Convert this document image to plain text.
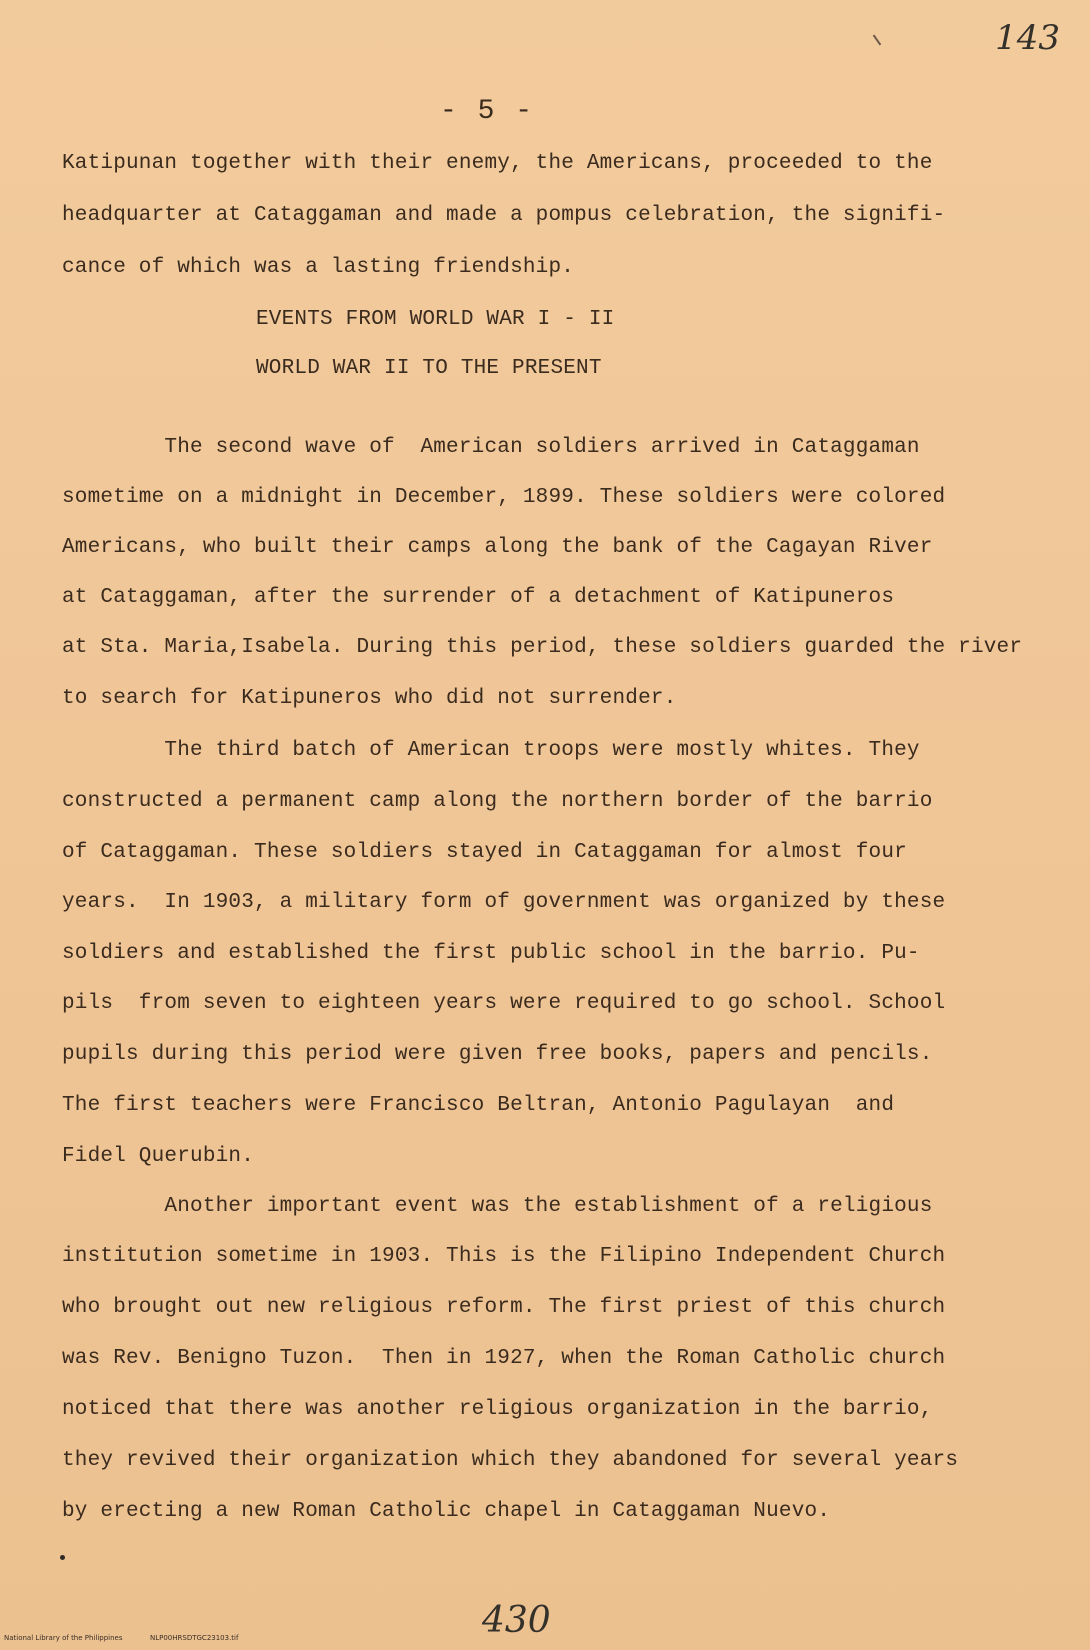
143
- 5 -
Katipunan together with their enemy, the Americans, proceeded to the
headquarter at Cataggaman and made a pompus celebration, the signifi-
cance of which was a lasting friendship.
EVENTS FROM WORLD WAR I - II
WORLD WAR II TO THE PRESENT
The second wave of  American soldiers arrived in Cataggaman
sometime on a midnight in December, 1899. These soldiers were colored
Americans, who built their camps along the bank of the Cagayan River
at Cataggaman, after the surrender of a detachment of Katipuneros
at Sta. Maria,Isabela. During this period, these soldiers guarded the river
to search for Katipuneros who did not surrender.
The third batch of American troops were mostly whites. They
constructed a permanent camp along the northern border of the barrio
of Cataggaman. These soldiers stayed in Cataggaman for almost four
years.  In 1903, a military form of government was organized by these
soldiers and established the first public school in the barrio. Pu-
pils  from seven to eighteen years were required to go school. School
pupils during this period were given free books, papers and pencils.
The first teachers were Francisco Beltran, Antonio Pagulayan  and
Fidel Querubin.
Another important event was the establishment of a religious
institution sometime in 1903. This is the Filipino Independent Church
who brought out new religious reform. The first priest of this church
was Rev. Benigno Tuzon.  Then in 1927, when the Roman Catholic church
noticed that there was another religious organization in the barrio,
they revived their organization which they abandoned for several years
by erecting a new Roman Catholic chapel in Cataggaman Nuevo.
430
National Library of the Philippines	NLP00HRSDTGC23103.tif
